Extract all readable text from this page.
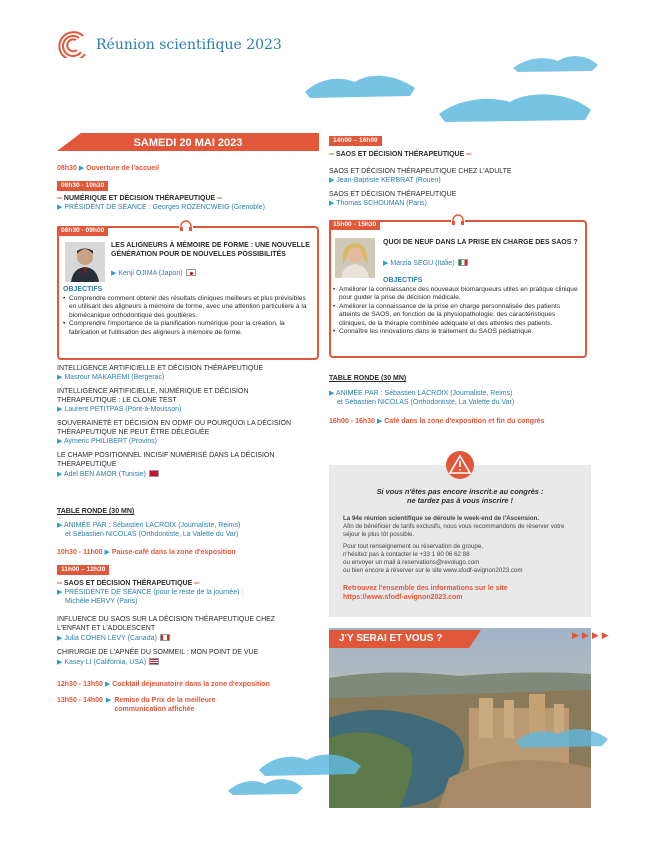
Réunion scientifique 2023
SAMEDI 20 MAI 2023
08h30 ▶ Ouverture de l'accueil
08h30 - 10h30
═ NUMÉRIQUE ET DÉCISION THÉRAPEUTIQUE ═
▶ PRÉSIDENT DE SÉANCE : Georges ROZENCWEIG (Grenoble)
08h30 - 09h00
LES ALIGNEURS À MÉMOIRE DE FORME : UNE NOUVELLE GÉNÉRATION POUR DE NOUVELLES POSSIBILITÉS
▶ Kenji OJIMA (Japon)
OBJECTIFS
• Comprendre comment obtenir des résultats cliniques meilleurs et plus prévisibles en utilisant des aligneurs à mémoire de forme, avec une attention particulière à la biomécanique orthodontique des gouttières.
• Comprendre l'importance de la planification numérique pour la création, la fabrication et l'utilisation des aligneurs à mémoire de forme.
INTELLIGENCE ARTIFICIELLE ET DÉCISION THÉRAPEUTIQUE
▶ Masrour MAKAREMI (Bergerac)
INTELLIGENCE ARTIFICIELLE, NUMÉRIQUE ET DÉCISION THÉRAPEUTIQUE : LE CLONE TEST
▶ Laurent PETITPAS (Pont-à-Mousson)
SOUVERAINETÉ ET DÉCISION EN ODMF OU POURQUOI LA DÉCISION THÉRAPEUTIQUE NE PEUT ÊTRE DÉLÉGUÉE
▶ Aymeric PHILIBERT (Provins)
LE CHAMP POSITIONNEL INCISIF NUMÉRISÉ DANS LA DÉCISION THÉRAPEUTIQUE
▶ Adel BEN AMOR (Tunisie)
TABLE RONDE (30 MN)
▶ ANIMÉE PAR : Sébastien LACROIX (Journaliste, Reims)
et Sébastien NICOLAS (Orthdontiste, La Valette du Var)
10h30 - 11h00 ▶ Pause-café dans la zone d'exposition
11h00 – 12h30
═ SAOS ET DÉCISION THÉRAPEUTIQUE ═
▶ PRÉSIDENTE DE SÉANCE (pour le reste de la journée) :
Michèle HERVY (Paris)
INFLUENCE DU SAOS SUR LA DÉCISION THÉRAPEUTIQUE CHEZ L'ENFANT ET L'ADOLESCENT
▶ Julia COHEN LEVY (Canada)
CHIRURGIE DE L'APNÉE DU SOMMEIL : MON POINT DE VUE
▶ Kasey LI (California, USA)
12h30 - 13h50 ▶ Cocktail déjeunatoire dans la zone d'exposition
13h50 - 14h00 ▶ Remise du Prix de la meilleure communication affichée
14h00 – 16h00
═ SAOS ET DÉCISION THÉRAPEUTIQUE ═
SAOS ET DÉCISION THÉRAPEUTIQUE CHEZ L'ADULTE
▶ Jean-Baptiste KERBRAT (Rouen)
SAOS ET DÉCISION THÉRAPEUTIQUE
▶ Thomas SCHOUMAN (Paris)
15h00 - 15h30
QUOI DE NEUF DANS LA PRISE EN CHARGE DES SAOS ?
▶ Marzia SEGU (Italie)
OBJECTIFS
• Améliorer la connaissance des nouveaux biomarqueurs utiles en pratique clinique pour guider la prise de décision médicale.
• Améliorer la connaissance de la prise en charge personnalisée des patients atteints de SAOS, en fonction de la physiopathologie, des caractéristiques cliniques, de la thérapie combinée adéquate et des attentes des patients.
• Connaître les innovations dans le traitement du SAOS pédiatrique.
TABLE RONDE (30 MN)
▶ ANIMÉE PAR : Sébastien LACROIX (Journaliste, Reims)
et Sébastien NICOLAS (Orthodontiste, La Valette du Var)
16h00 - 16h30 ▶ Café dans la zone d'exposition et fin du congrès
Si vous n'êtes pas encore inscrit.e au congrès :
ne tardez pas à vous inscrire !
La 94e réunion scientifique se déroule le week-end de l'Ascension.
Afin de bénéficier de tarifs exclusifs, nous vous recommandons de réserver votre séjour le plus tôt possible.
Pour tout renseignement ou réservation de groupe,
n'hésitez pas à contacter le +33 1 80 06 62 88
ou envoyer un mail à reservations@revolugo.com
ou bien encore à réserver sur le site www.sfodf-avignon2023.com
Retrouvez l'ensemble des informations sur le site
https://www.sfodf-avignon2023.com
J'Y SERAI ET VOUS ?	▶▶▶▶
